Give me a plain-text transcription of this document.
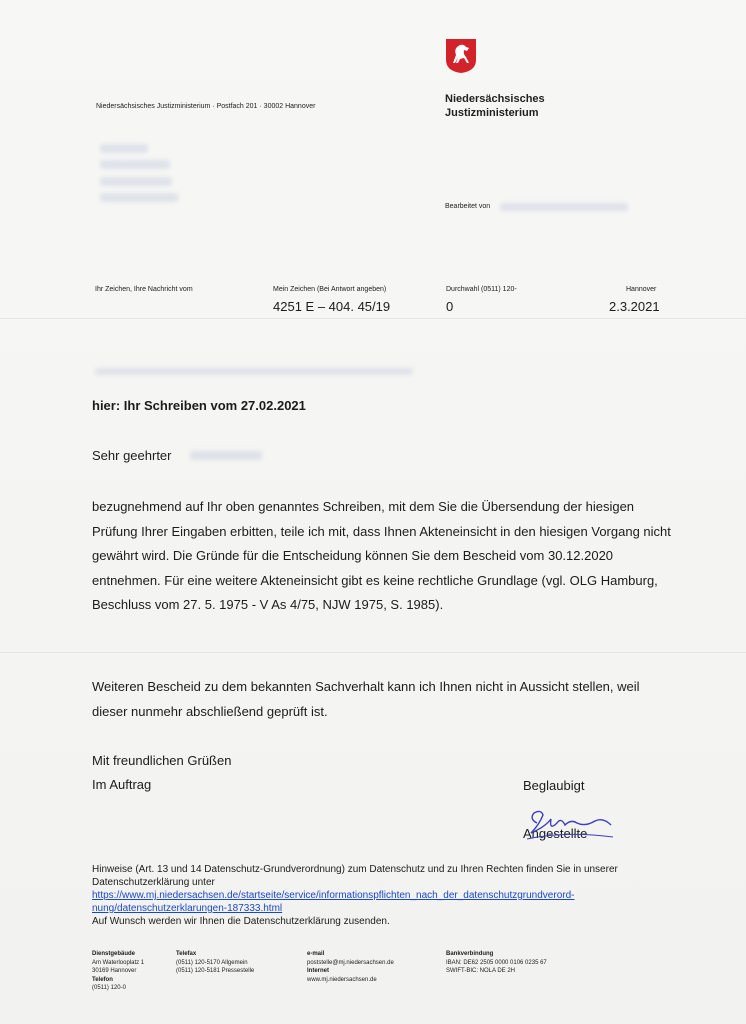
Niedersächsisches Justizministerium · Postfach 201 · 30002 Hannover

Niedersächsisches
Justizministerium

Bearbeitet von

Ihr Zeichen, Ihre Nachricht vom	Mein Zeichen (Bei Antwort angeben)

4251 E – 404. 45/19

Durchwahl (0511) 120-

0

Hannover

2.3.2021

hier: Ihr Schreiben vom 27.02.2021

Sehr geehrter

bezugnehmend auf Ihr oben genanntes Schreiben, mit dem Sie die Übersendung der hiesigen Prüfung Ihrer Eingaben erbitten, teile ich mit, dass Ihnen Akteneinsicht in den hiesigen Vorgang nicht gewährt wird. Die Gründe für die Entscheidung können Sie dem Bescheid vom 30.12.2020 entnehmen. Für eine weitere Akteneinsicht gibt es keine rechtliche Grundlage (vgl. OLG Hamburg, Beschluss vom 27. 5. 1975 - V As 4/75, NJW 1975, S. 1985).

Weiteren Bescheid zu dem bekannten Sachverhalt kann ich Ihnen nicht in Aussicht stellen, weil dieser nunmehr abschließend geprüft ist.

Mit freundlichen Grüßen
Im Auftrag	Beglaubigt

Angestellte

Hinweise (Art. 13 und 14 Datenschutz-Grundverordnung) zum Datenschutz und zu Ihren Rechten finden Sie in unserer Datenschutzerklärung unter
https://www.mj.niedersachsen.de/startseite/service/informationspflichten_nach_der_datenschutzgrundverord-
nung/datenschutzerklarungen-187333.html
Auf Wunsch werden wir Ihnen die Datenschutzerklärung zusenden.
Dienstgebäude
Am Waterlooplatz 1
30169 Hannover
Telefon
(0511) 120-0
Telefax
(0511) 120-5170 Allgemein
(0511) 120-5181 Pressestelle
e-mail
poststelle@mj.niedersachsen.de
Internet
www.mj.niedersachsen.de
Bankverbindung
IBAN: DE62 2505 0000 0106 0235 67
SWIFT-BIC: NOLA DE 2H
